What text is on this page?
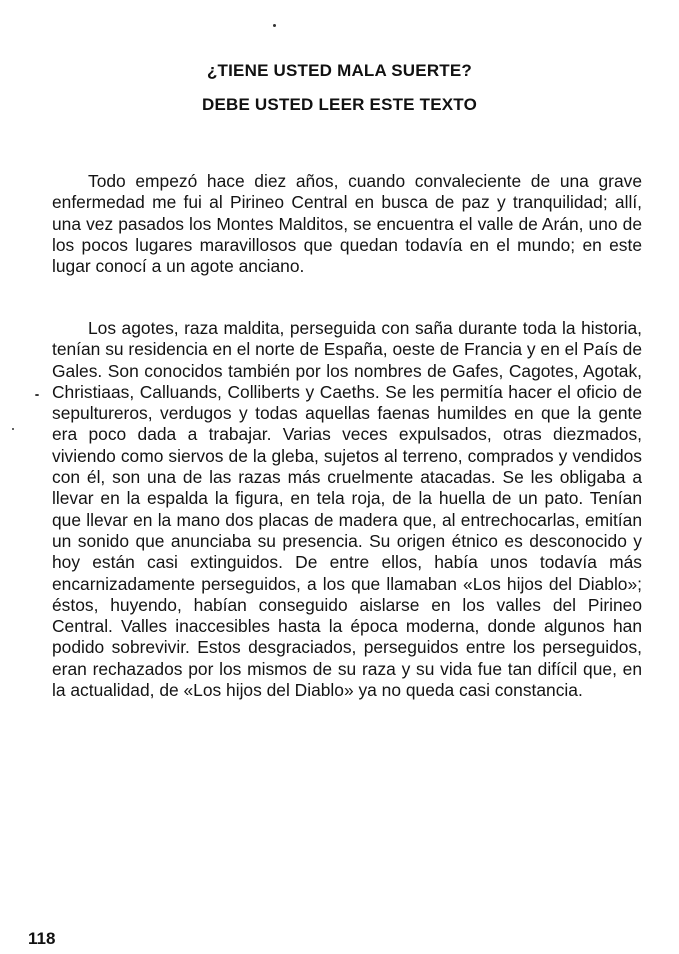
¿TIENE USTED MALA SUERTE?
DEBE USTED LEER ESTE TEXTO

Todo empezó hace diez años, cuando convaleciente de una grave enfermedad me fui al Pirineo Central en busca de paz y tranquilidad; allí, una vez pasados los Montes Malditos, se encuentra el valle de Arán, uno de los pocos lugares maravillosos que quedan todavía en el mundo; en este lugar conocí a un agote anciano.

Los agotes, raza maldita, perseguida con saña durante toda la historia, tenían su residencia en el norte de España, oeste de Francia y en el País de Gales. Son conocidos también por los nombres de Gafes, Cagotes, Agotak, Christiaas, Calluands, Colliberts y Caeths. Se les permitía hacer el oficio de sepultureros, verdugos y todas aquellas faenas humildes en que la gente era poco dada a trabajar. Varias veces expulsados, otras diezmados, viviendo como siervos de la gleba, sujetos al terreno, comprados y vendidos con él, son una de las razas más cruelmente atacadas. Se les obligaba a llevar en la espalda la figura, en tela roja, de la huella de un pato. Tenían que llevar en la mano dos placas de madera que, al entrechocarlas, emitían un sonido que anunciaba su presencia. Su origen étnico es desconocido y hoy están casi extinguidos. De entre ellos, había unos todavía más encarnizadamente perseguidos, a los que llamaban «Los hijos del Diablo»; éstos, huyendo, habían conseguido aislarse en los valles del Pirineo Central. Valles inaccesibles hasta la época moderna, donde algunos han podido sobrevivir. Estos desgraciados, perseguidos entre los perseguidos, eran rechazados por los mismos de su raza y su vida fue tan difícil que, en la actualidad, de «Los hijos del Diablo» ya no queda casi constancia.

118
